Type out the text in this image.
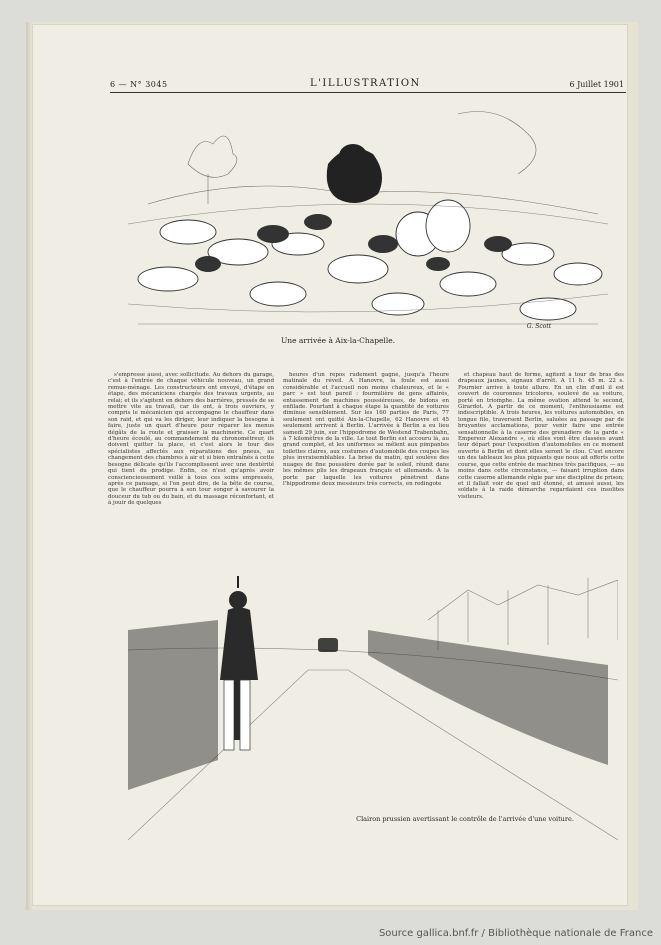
6 — N° 3045	L'ILLUSTRATION	6 Juillet 1901
Une arrivée à Aix-la-Chapelle.
G. Scott

s'empresse aussi, avec sollicitude. Au dehors du garage, c'est à l'entrée de chaque véhicule nouveau, un grand remue-ménage. Les constructeurs ont envoyé, d'étape en étape, des mécaniciens chargés des travaux urgents, au relai; et ils s'agitent en dehors des barrières, pressés de se mettre vite au travail, car ils ont, à trois ouvriers, y compris le mécanicien qui accompagne le chauffeur dans son raid, et qui va les diriger, leur indiquer la besogne à faire, juste un quart d'heure pour réparer les menus dégâts de la route et graisser la machinerie. Ce quart d'heure écoulé, au commandement du chronométreur, ils doivent quitter la place, et c'est alors le tour des spécialistes affectés aux réparations des pneus, au changement des chambres à air et si bien entraînés à cette besogne délicate qu'ils l'accomplissent avec une dextérité qui tient du prodige. Enfin, ce n'est qu'après avoir consciencieusement veillé à tous ces soins empressés, après ce pansage, si l'on peut dire, de la bête de course, que le chauffeur pourra à son tour songer à savourer la douceur du tub ou du bain, et du massage réconfortant, et à jouir de quelques

heures d'un repos rudement gagné, jusqu'à l'heure matinale du réveil. A Hanovre, la foule est aussi considérable et l'accueil non moins chaleureux, et le « parc » est tout pareil : fourmilière de gens affairés, entassement de machines poussiéreuses, de bidons en enfilade. Pourtant à chaque étape la quantité de voitures diminue sensiblement. Sur les 160 parties de Paris, 77 seulement ont quitté Aix-la-Chapelle, 62 Hanovre et 45 seulement arrivent à Berlin. L'arrivée à Berlin a eu lieu samedi 29 juin, sur l'hippodrome de Westend Trabenbahn, à 7 kilomètres de la ville. Le tout Berlin est accouru là, au grand complet, et les uniformes se mêlent aux pimpantes toilettes claires, aux costumes d'automobile des coupes les plus invraisemblables. La brise du matin, qui soulève des nuages de fine poussière dorée par le soleil, réunit dans les mêmes plis les drapeaux français et allemands. A la porte par laquelle les voitures pénètrent dans l'hippodrome deux messieurs très corrects, en redingote

et chapeau haut de forme, agitent à tour de bras des drapeaux jaunes, signaux d'arrêt. A 11 h. 45 m. 22 s. Fournier arrive à toute allure. En un clin d'œil il est couvert de couronnes tricolores, soulevé de sa voiture, porté en triomphe. La même ovation attend le second, Girardot. A partir de ce moment, l'enthousiasme est indescriptible. A trois heures, les voitures automobiles, en longue file, traversent Berlin, saluées au passage par de bruyantes acclamations, pour venir faire une entrée sensationnelle à la caserne des grenadiers de la garde « Empereur Alexandre », où elles vont être classées avant leur départ pour l'exposition d'automobiles en ce moment ouverte à Berlin et dont elles seront le clou. C'est encore un des tableaux les plus piquants que nous ait offerts cette course, que cette entrée de machines très pacifiques, — au moins dans cette circonstance, — faisant irruption dans cette caserne allemande régie par une discipline de prison; et il fallait voir de quel œil étonné, et amusé aussi, les soldats à la raide démarche regardaient ces insolites visiteurs.

Clairon prussien avertissant le contrôle de l'arrivée d'une voiture.
Source gallica.bnf.fr / Bibliothèque nationale de France
